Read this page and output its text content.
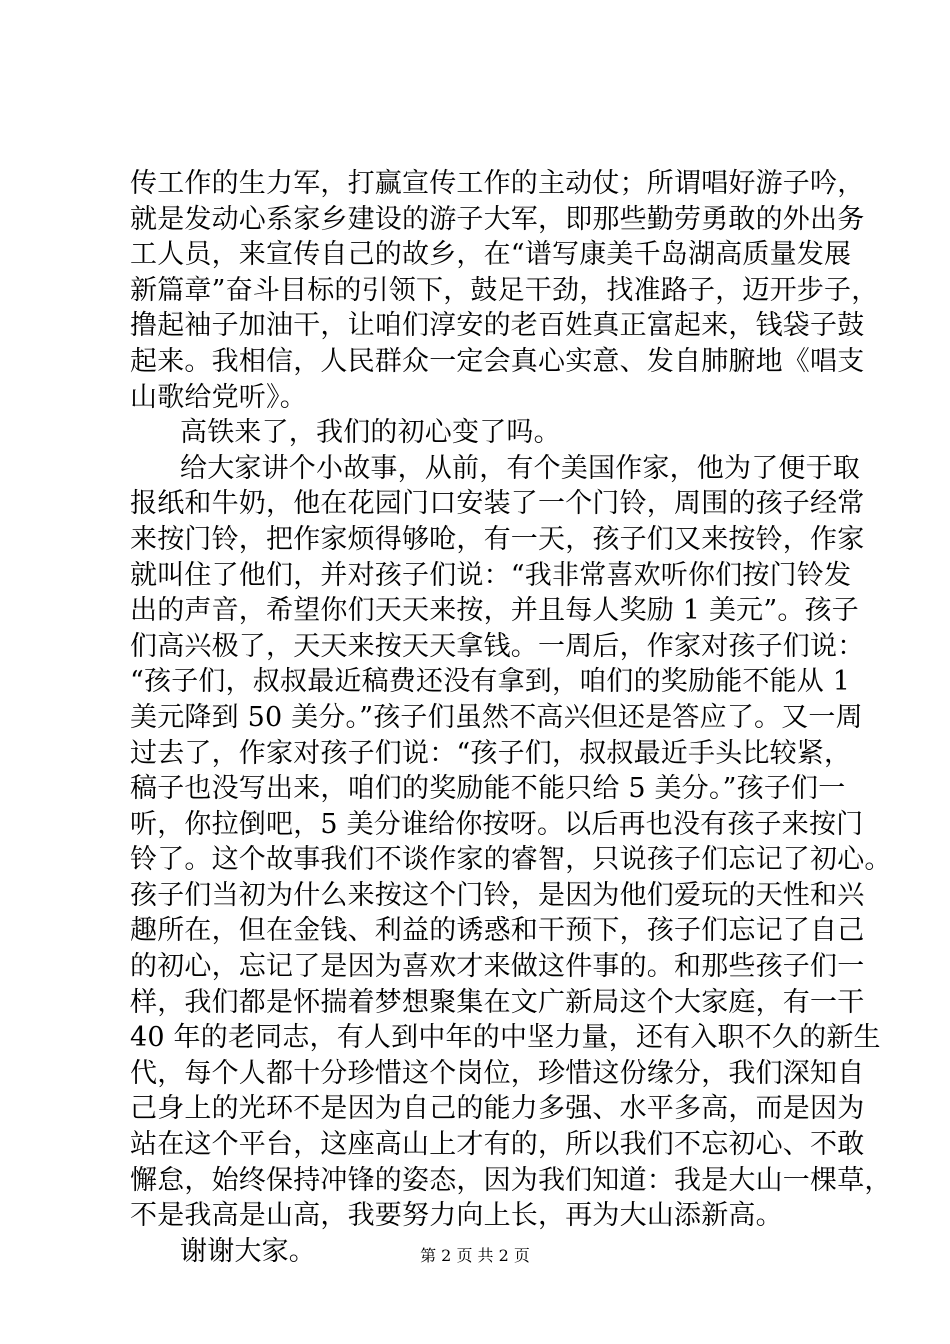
传工作的生力军，打赢宣传工作的主动仗；所谓唱好游子吟，
就是发动心系家乡建设的游子大军，即那些勤劳勇敢的外出务
工人员，来宣传自己的故乡，在“谱写康美千岛湖高质量发展
新篇章”奋斗目标的引领下，鼓足干劲，找准路子，迈开步子，
撸起袖子加油干，让咱们淳安的老百姓真正富起来，钱袋子鼓
起来。我相信，人民群众一定会真心实意、发自肺腑地《唱支
山歌给党听》。
高铁来了，我们的初心变了吗。
给大家讲个小故事，从前，有个美国作家，他为了便于取
报纸和牛奶，他在花园门口安装了一个门铃，周围的孩子经常
来按门铃，把作家烦得够呛，有一天，孩子们又来按铃，作家
就叫住了他们，并对孩子们说：“我非常喜欢听你们按门铃发
出的声音，希望你们天天来按，并且每人奖励 1 美元”。孩子
们高兴极了，天天来按天天拿钱。一周后，作家对孩子们说：
“孩子们，叔叔最近稿费还没有拿到，咱们的奖励能不能从 1
美元降到 50 美分。”孩子们虽然不高兴但还是答应了。又一周
过去了，作家对孩子们说：“孩子们，叔叔最近手头比较紧，
稿子也没写出来，咱们的奖励能不能只给 5 美分。”孩子们一
听，你拉倒吧，5 美分谁给你按呀。以后再也没有孩子来按门
铃了。这个故事我们不谈作家的睿智，只说孩子们忘记了初心。
孩子们当初为什么来按这个门铃，是因为他们爱玩的天性和兴
趣所在，但在金钱、利益的诱惑和干预下，孩子们忘记了自己
的初心，忘记了是因为喜欢才来做这件事的。和那些孩子们一
样，我们都是怀揣着梦想聚集在文广新局这个大家庭，有一干
40 年的老同志，有人到中年的中坚力量，还有入职不久的新生
代，每个人都十分珍惜这个岗位，珍惜这份缘分，我们深知自
己身上的光环不是因为自己的能力多强、水平多高，而是因为
站在这个平台，这座高山上才有的，所以我们不忘初心、不敢
懈怠，始终保持冲锋的姿态，因为我们知道：我是大山一棵草，
不是我高是山高，我要努力向上长，再为大山添新高。
谢谢大家。	第 2 页 共 2 页
